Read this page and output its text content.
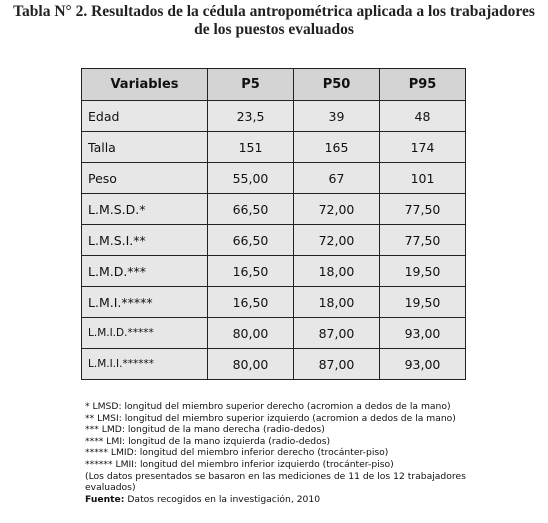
Tabla N° 2. Resultados de la cédula antropométrica aplicada a los trabajadores
de los puestos evaluados
Variables	P5	P50	P95
Edad	23,5	39	48
Talla	151	165	174
Peso	55,00	67	101
L.M.S.D.*	66,50	72,00	77,50
L.M.S.I.**	66,50	72,00	77,50
L.M.D.***	16,50	18,00	19,50
L.M.I.*****	16,50	18,00	19,50
L.M.I.D.*****	80,00	87,00	93,00
L.M.I.I.******	80,00	87,00	93,00
* LMSD: longitud del miembro superior derecho (acromion a dedos de la mano)
** LMSI: longitud del miembro superior izquierdo (acromion a dedos de la mano)
*** LMD: longitud de la mano derecha (radio-dedos)
**** LMI: longitud de la mano izquierda (radio-dedos)
***** LMID: longitud del miembro inferior derecho (trocánter-piso)
****** LMII: longitud del miembro inferior izquierdo (trocánter-piso)
(Los datos presentados se basaron en las mediciones de 11 de los 12 trabajadores
evaluados)
Fuente: Datos recogidos en la investigación, 2010
